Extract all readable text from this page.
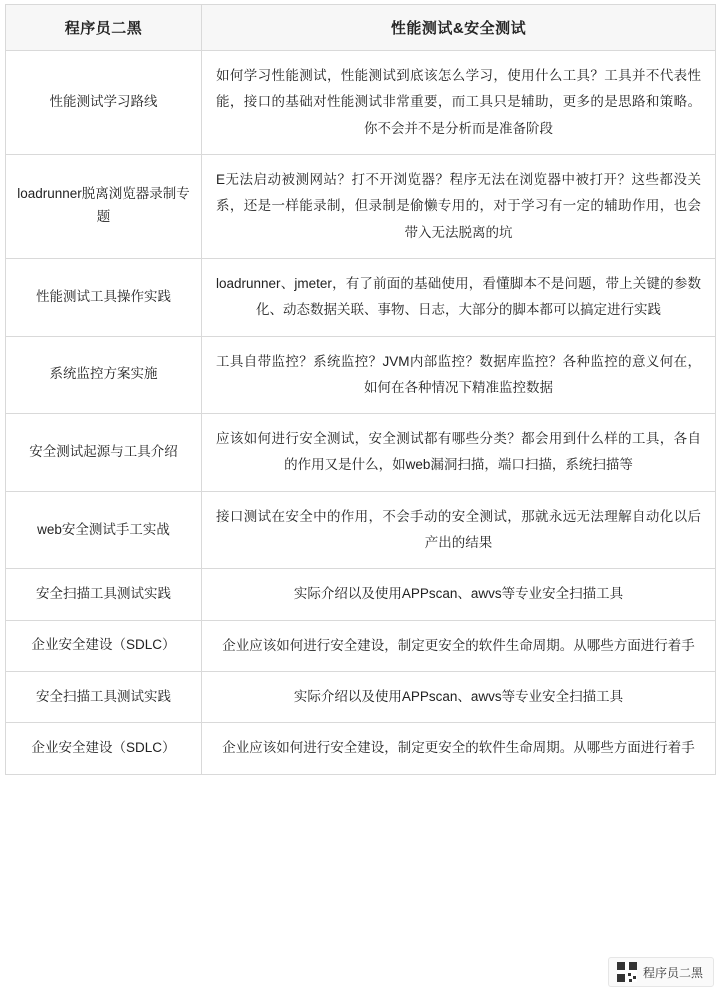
程序员二黑	性能测试&安全测试
性能测试学习路线	如何学习性能测试，性能测试到底该怎么学习，使用什么工具？工具并不代表性能，接口的基础对性能测试非常重要，而工具只是辅助，更多的是思路和策略。你不会并不是分析而是准备阶段
loadrunner脱离浏览器录制专题	E无法启动被测网站？打不开浏览器？程序无法在浏览器中被打开？这些都没关系，还是一样能录制，但录制是偷懒专用的，对于学习有一定的辅助作用，也会带入无法脱离的坑
性能测试工具操作实践	loadrunner、jmeter，有了前面的基础使用，看懂脚本不是问题，带上关键的参数化、动态数据关联、事物、日志，大部分的脚本都可以搞定进行实践
系统监控方案实施	工具自带监控？系统监控？JVM内部监控？数据库监控？各种监控的意义何在，如何在各种情况下精准监控数据
安全测试起源与工具介绍	应该如何进行安全测试，安全测试都有哪些分类？都会用到什么样的工具，各自的作用又是什么，如web漏洞扫描，端口扫描，系统扫描等
web安全测试手工实战	接口测试在安全中的作用，不会手动的安全测试，那就永远无法理解自动化以后产出的结果
安全扫描工具测试实践	实际介绍以及使用APPscan、awvs等专业安全扫描工具
企业安全建设（SDLC）	企业应该如何进行安全建设，制定更安全的软件生命周期。从哪些方面进行着手
安全扫描工具测试实践	实际介绍以及使用APPscan、awvs等专业安全扫描工具
企业安全建设（SDLC）	企业应该如何进行安全建设，制定更安全的软件生命周期。从哪些方面进行着手
程序员二黑
